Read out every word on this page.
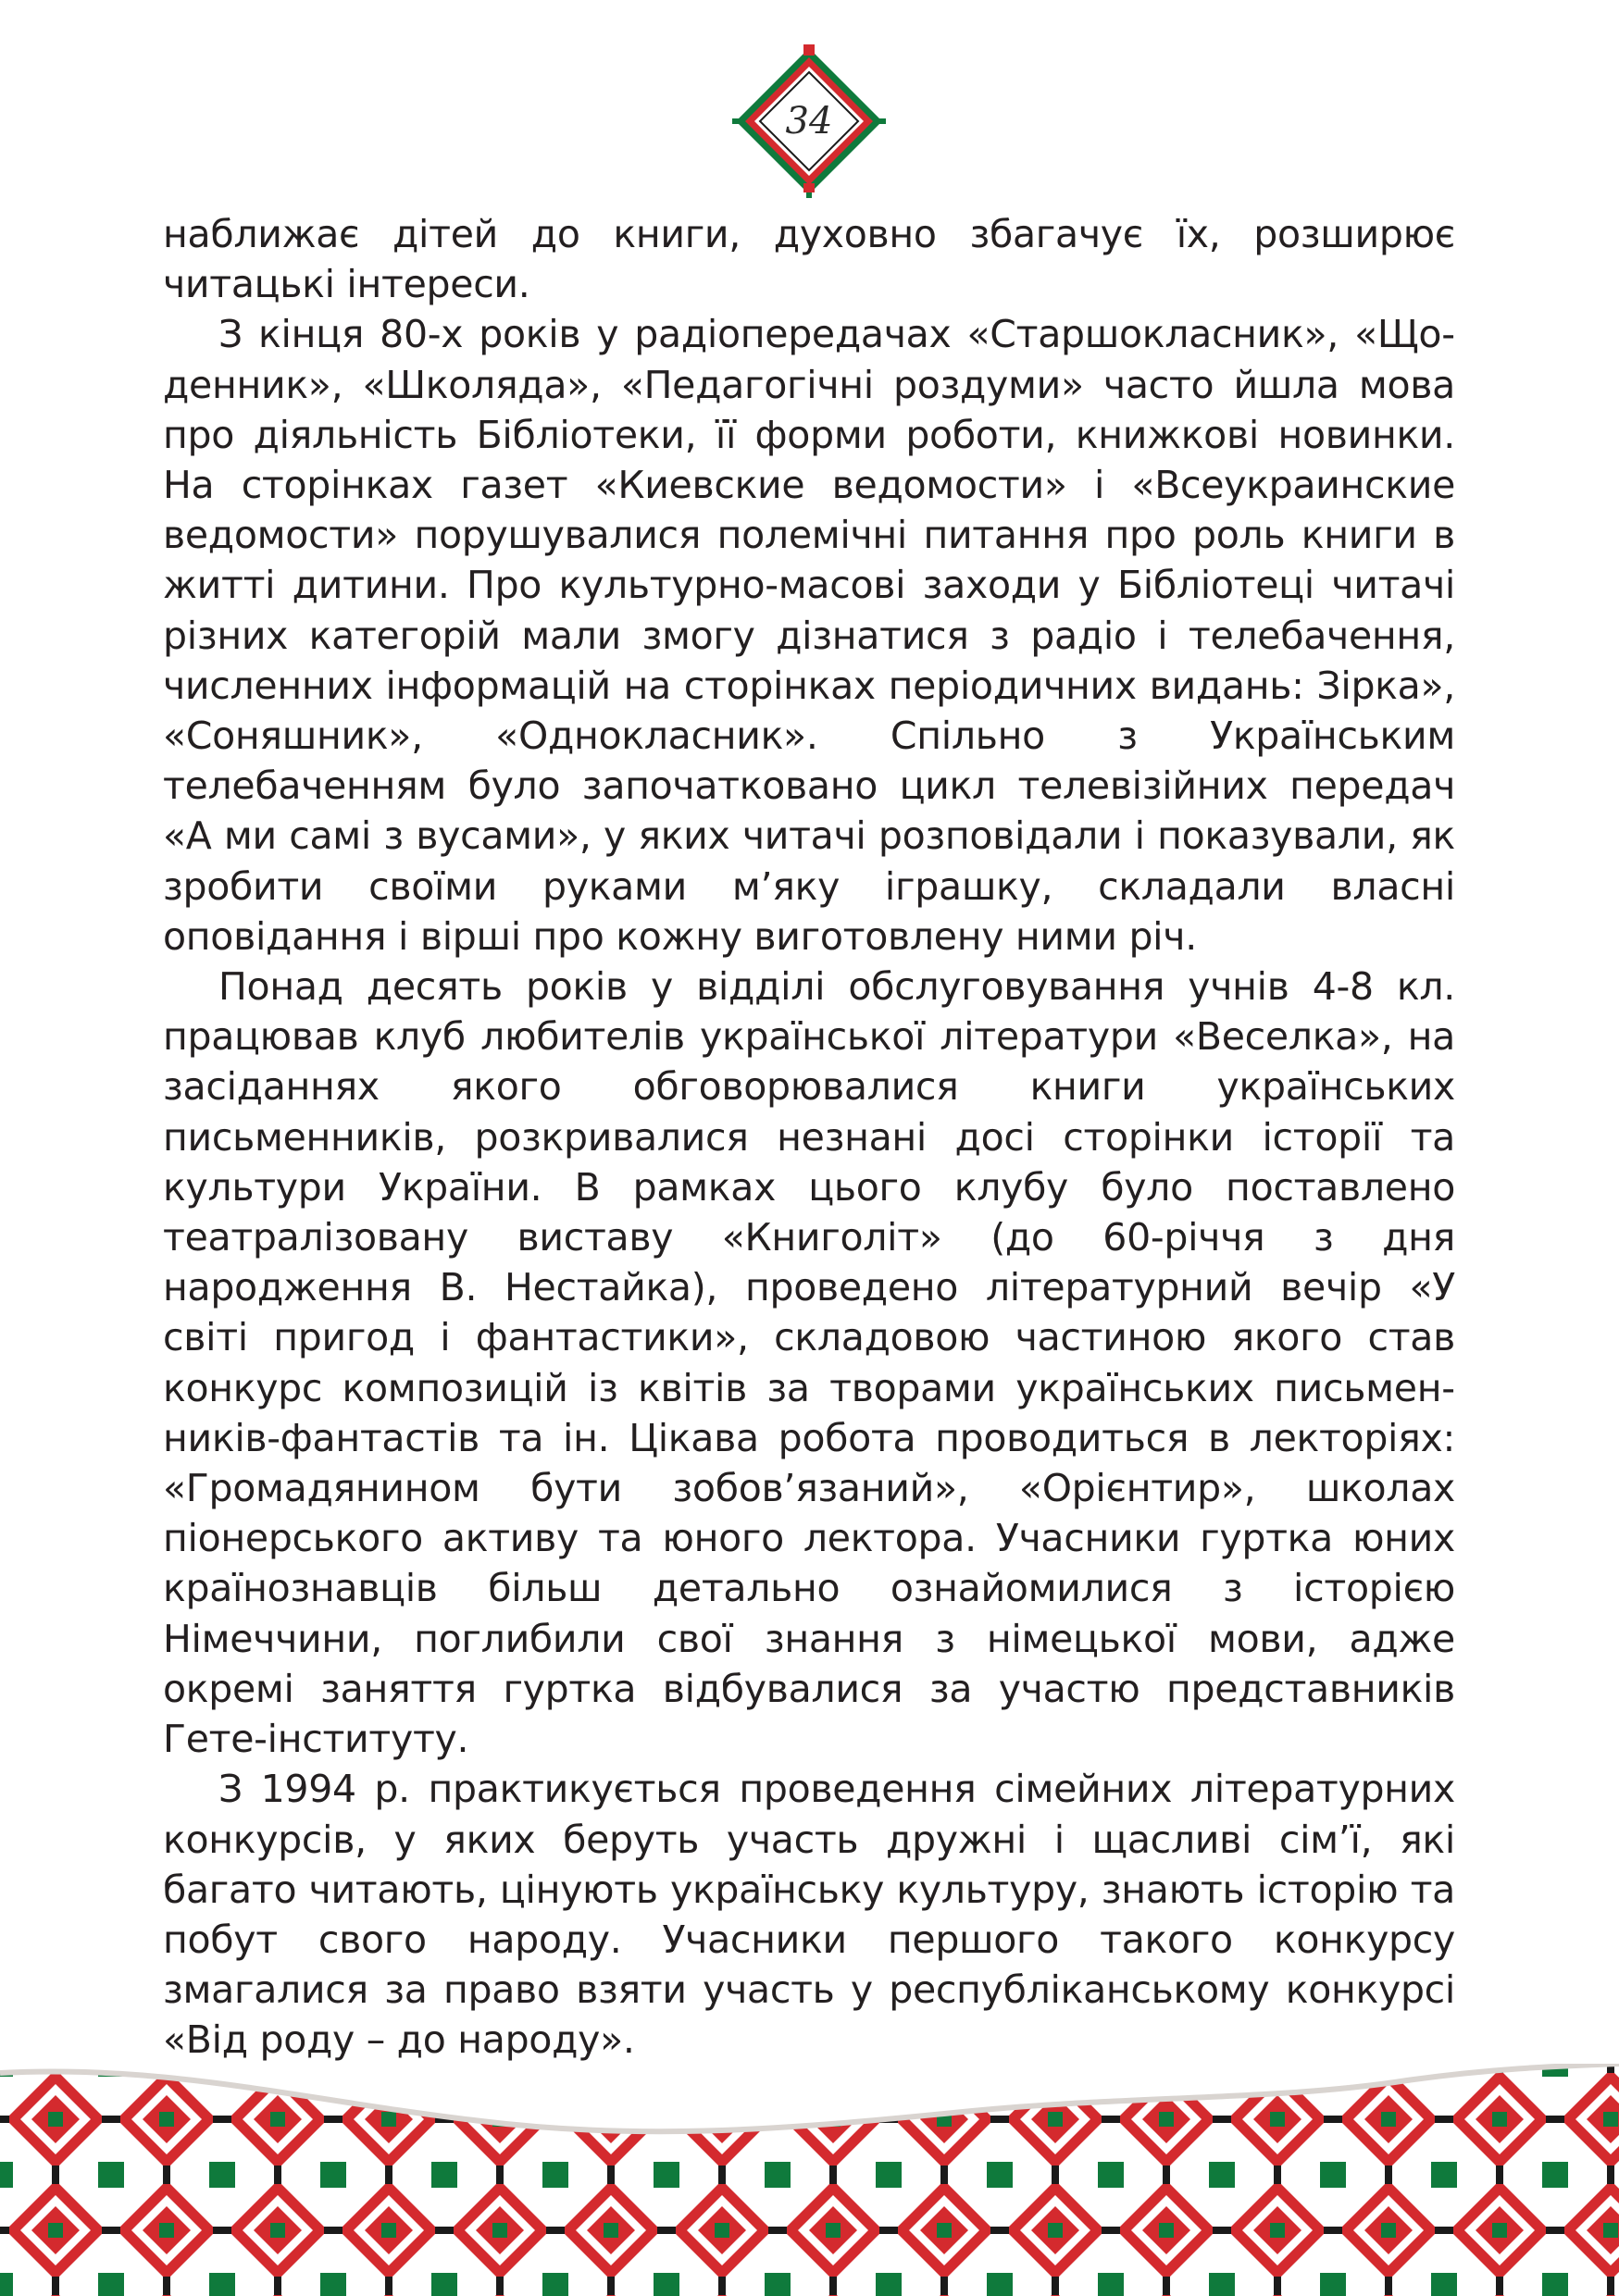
34

наближає дітей до книги, духовно збагачує їх, розширює читацькі інтереси.

З кінця 80-х років у радіопередачах «Старшокласник», «Щоденник», «Школяда», «Педагогічні роздуми» часто йшла мова про діяльність Бібліотеки, її форми роботи, книжкові новинки. На сторінках газет «Киевские ведомости» і «Всеукраинские ведомости» порушувалися полемічні питання про роль книги в житті дитини. Про культурно-масові заходи у Бібліотеці читачі різних категорій мали змогу дізнатися з радіо і телебачення, численних інформацій на сторінках періодичних видань: Зірка», «Соняшник», «Однокласник». Спільно з Українським телебаченням було започатковано цикл телевізійних передач «А ми самі з вусами», у яких читачі розповідали і показували, як зробити своїми руками м’яку іграшку, складали власні оповідання і вірші про кожну виготовлену ними річ.

Понад десять років у відділі обслуговування учнів 4-8 кл. працював клуб любителів української літератури «Веселка», на засіданнях якого обговорювалися книги українських письменників, розкривалися незнані досі сторінки історії та культури України. В рамках цього клубу було поставлено театралізовану виставу «Книголіт» (до 60-річчя з дня народження В. Нестайка), проведено літературний вечір «У світі пригод і фантастики», складовою частиною якого став конкурс композицій із квітів за творами українських письменників-фантастів та ін. Цікава робота проводиться в лекторіях: «Громадянином бути зобов’язаний», «Орієнтир», школах піонерського активу та юного лектора. Учасники гуртка юних країнознавців більш детально ознайомилися з історією Німеччини, поглибили свої знання з німецької мови, адже окремі заняття гуртка відбувалися за участю представників Гете-інституту.

З 1994 р. практикується проведення сімейних літературних конкурсів, у яких беруть участь дружні і щасливі сім’ї, які багато читають, цінують українську культуру, знають історію та побут свого народу. Учасники першого такого конкурсу змагалися за право взяти участь у республіканському конкурсі «Від роду – до народу».
